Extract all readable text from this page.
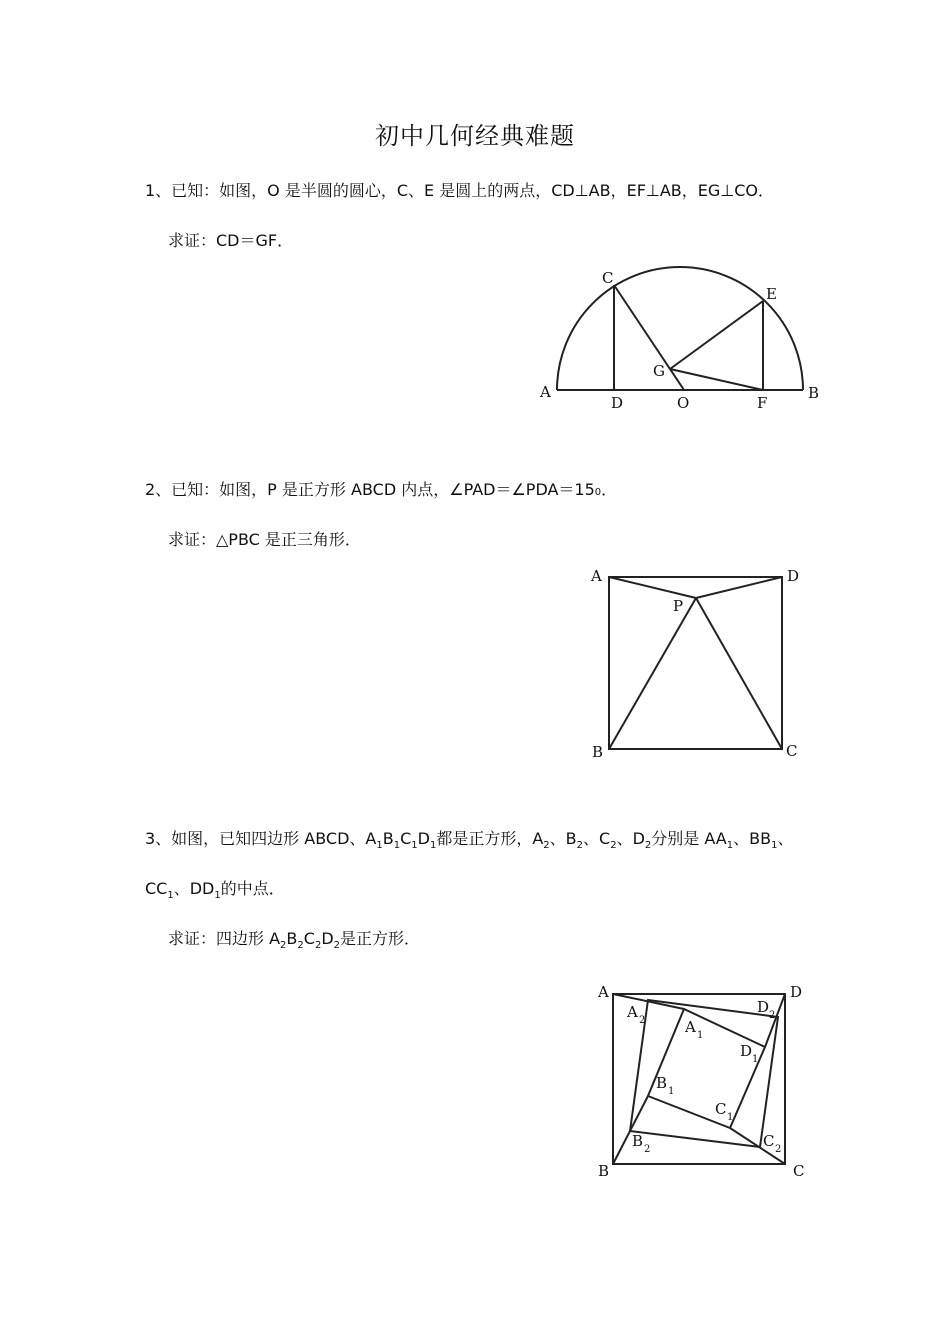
初中几何经典难题
1、已知：如图，O 是半圆的圆心，C、E 是圆上的两点，CD⊥AB，EF⊥AB，EG⊥CO．
求证：CD＝GF．
C
E
G
A
D	O	F
B
2、已知：如图，P 是正方形 ABCD 内点，∠PAD＝∠PDA＝150．
求证：△PBC 是正三角形．
A	D
P
B	C
3、如图，已知四边形 ABCD、$A_1B_1C_1D_1$都是正方形，$A_2$、$B_2$、$C_2$、$D_2$分别是 $AA_1$、$BB_1$、
$CC_1$、$DD_1$的中点．
求证：四边形 $A_2B_2C_2D_2$是正方形．
A	D
B	C
A 2
D 2
A 1
D 1
B 1
C 1
B 2	C 2
